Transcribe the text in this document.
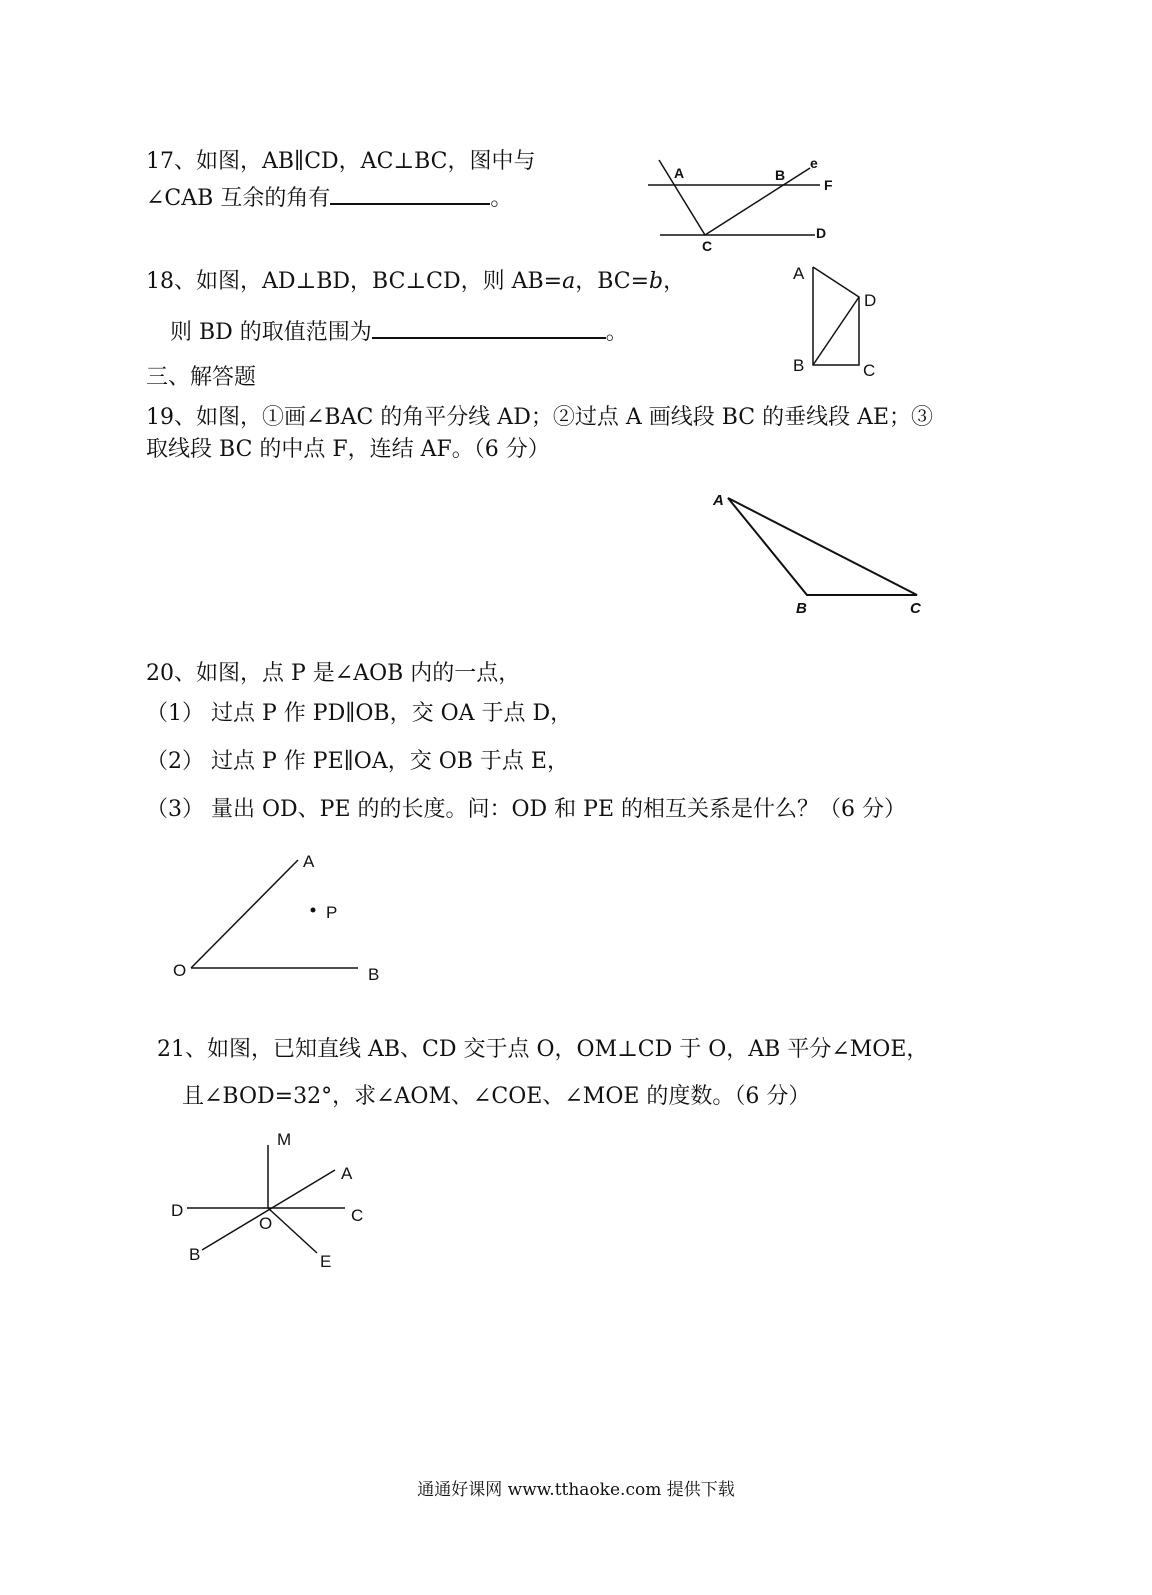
17、如图，AB∥CD，AC⊥BC，图中与
∠CAB 互余的角有	。
A	B
e
F
C
D
18、如图，AD⊥BD，BC⊥CD，则 AB=a，BC=b，
则 BD 的取值范围为	。
A
D
B	C
三、解答题
19、如图，①画∠BAC 的角平分线 AD；②过点 A 画线段 BC 的垂线段 AE；③
取线段 BC 的中点 F，连结 AF。（6 分）
A
B	C
20、如图，点 P 是∠AOB 内的一点，
（1） 过点 P 作 PD∥OB，交 OA 于点 D，
（2） 过点 P 作 PE∥OA，交 OB 于点 E，
（3） 量出 OD、PE 的的长度。问：OD 和 PE 的相互关系是什么？（6 分）
A
P
O	B
21、如图，已知直线 AB、CD 交于点 O，OM⊥CD 于 O，AB 平分∠MOE，
且∠BOD=32°，求∠AOM、∠COE、∠MOE 的度数。（6 分）
M
A
D	C
O
B	E
通通好课网 www.tthaoke.com 提供下载
